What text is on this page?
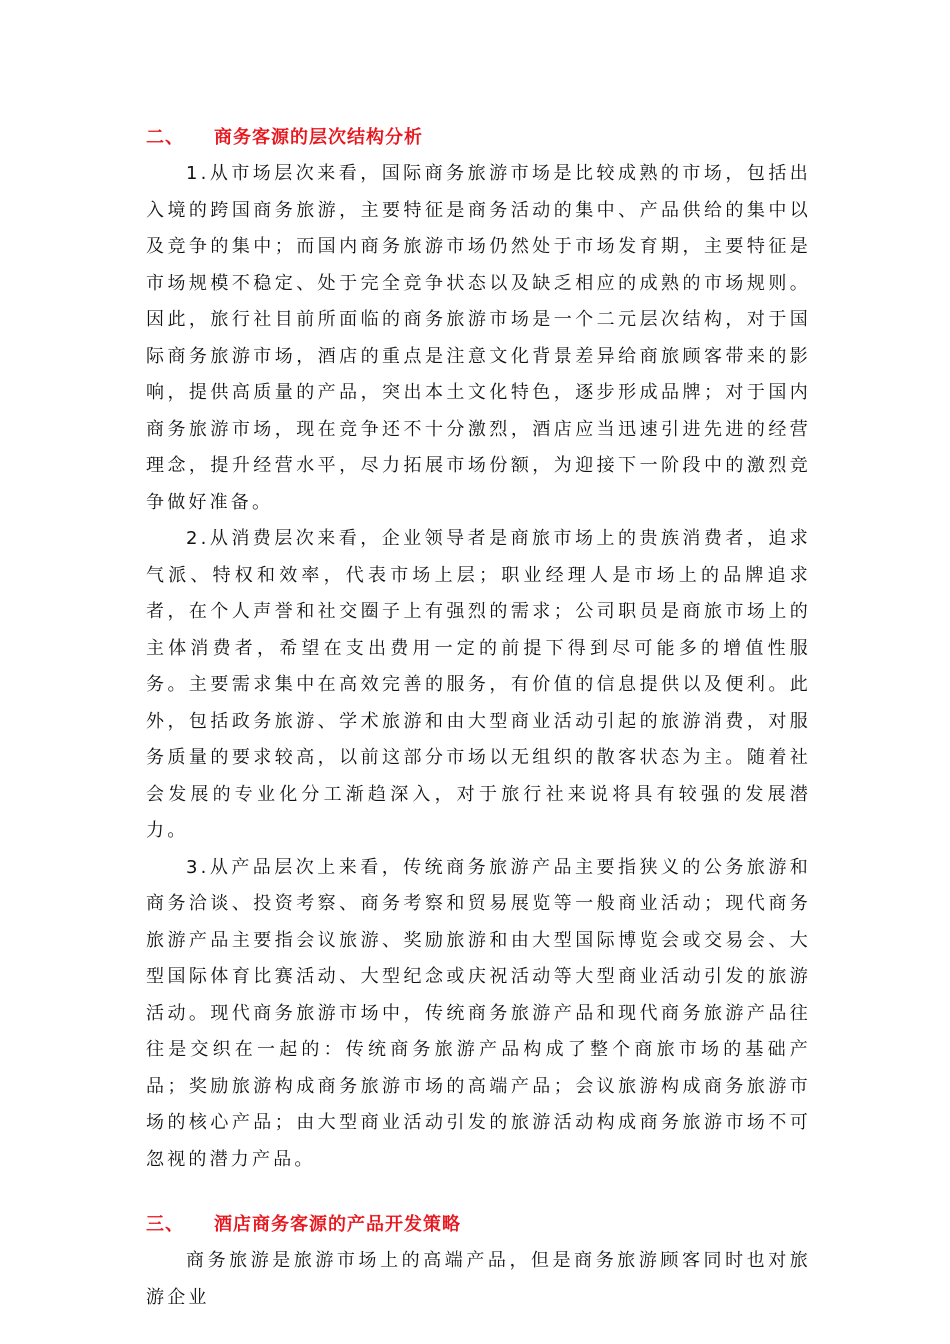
二、	商务客源的层次结构分析

1.从市场层次来看，国际商务旅游市场是比较成熟的市场，包括出入境的跨国商务旅游，主要特征是商务活动的集中、产品供给的集中以及竞争的集中；而国内商务旅游市场仍然处于市场发育期，主要特征是市场规模不稳定、处于完全竞争状态以及缺乏相应的成熟的市场规则。因此，旅行社目前所面临的商务旅游市场是一个二元层次结构，对于国际商务旅游市场，酒店的重点是注意文化背景差异给商旅顾客带来的影响，提供高质量的产品，突出本土文化特色，逐步形成品牌；对于国内商务旅游市场，现在竞争还不十分激烈，酒店应当迅速引进先进的经营理念，提升经营水平，尽力拓展市场份额，为迎接下一阶段中的激烈竞争做好准备。

2.从消费层次来看，企业领导者是商旅市场上的贵族消费者，追求气派、特权和效率，代表市场上层；职业经理人是市场上的品牌追求者，在个人声誉和社交圈子上有强烈的需求；公司职员是商旅市场上的主体消费者，希望在支出费用一定的前提下得到尽可能多的增值性服务。主要需求集中在高效完善的服务，有价值的信息提供以及便利。此外，包括政务旅游、学术旅游和由大型商业活动引起的旅游消费，对服务质量的要求较高，以前这部分市场以无组织的散客状态为主。随着社会发展的专业化分工渐趋深入，对于旅行社来说将具有较强的发展潜力。

3.从产品层次上来看，传统商务旅游产品主要指狭义的公务旅游和商务洽谈、投资考察、商务考察和贸易展览等一般商业活动；现代商务旅游产品主要指会议旅游、奖励旅游和由大型国际博览会或交易会、大型国际体育比赛活动、大型纪念或庆祝活动等大型商业活动引发的旅游活动。现代商务旅游市场中，传统商务旅游产品和现代商务旅游产品往往是交织在一起的：传统商务旅游产品构成了整个商旅市场的基础产品；奖励旅游构成商务旅游市场的高端产品；会议旅游构成商务旅游市场的核心产品；由大型商业活动引发的旅游活动构成商务旅游市场不可忽视的潜力产品。

三、	酒店商务客源的产品开发策略

商务旅游是旅游市场上的高端产品，但是商务旅游顾客同时也对旅游企业
